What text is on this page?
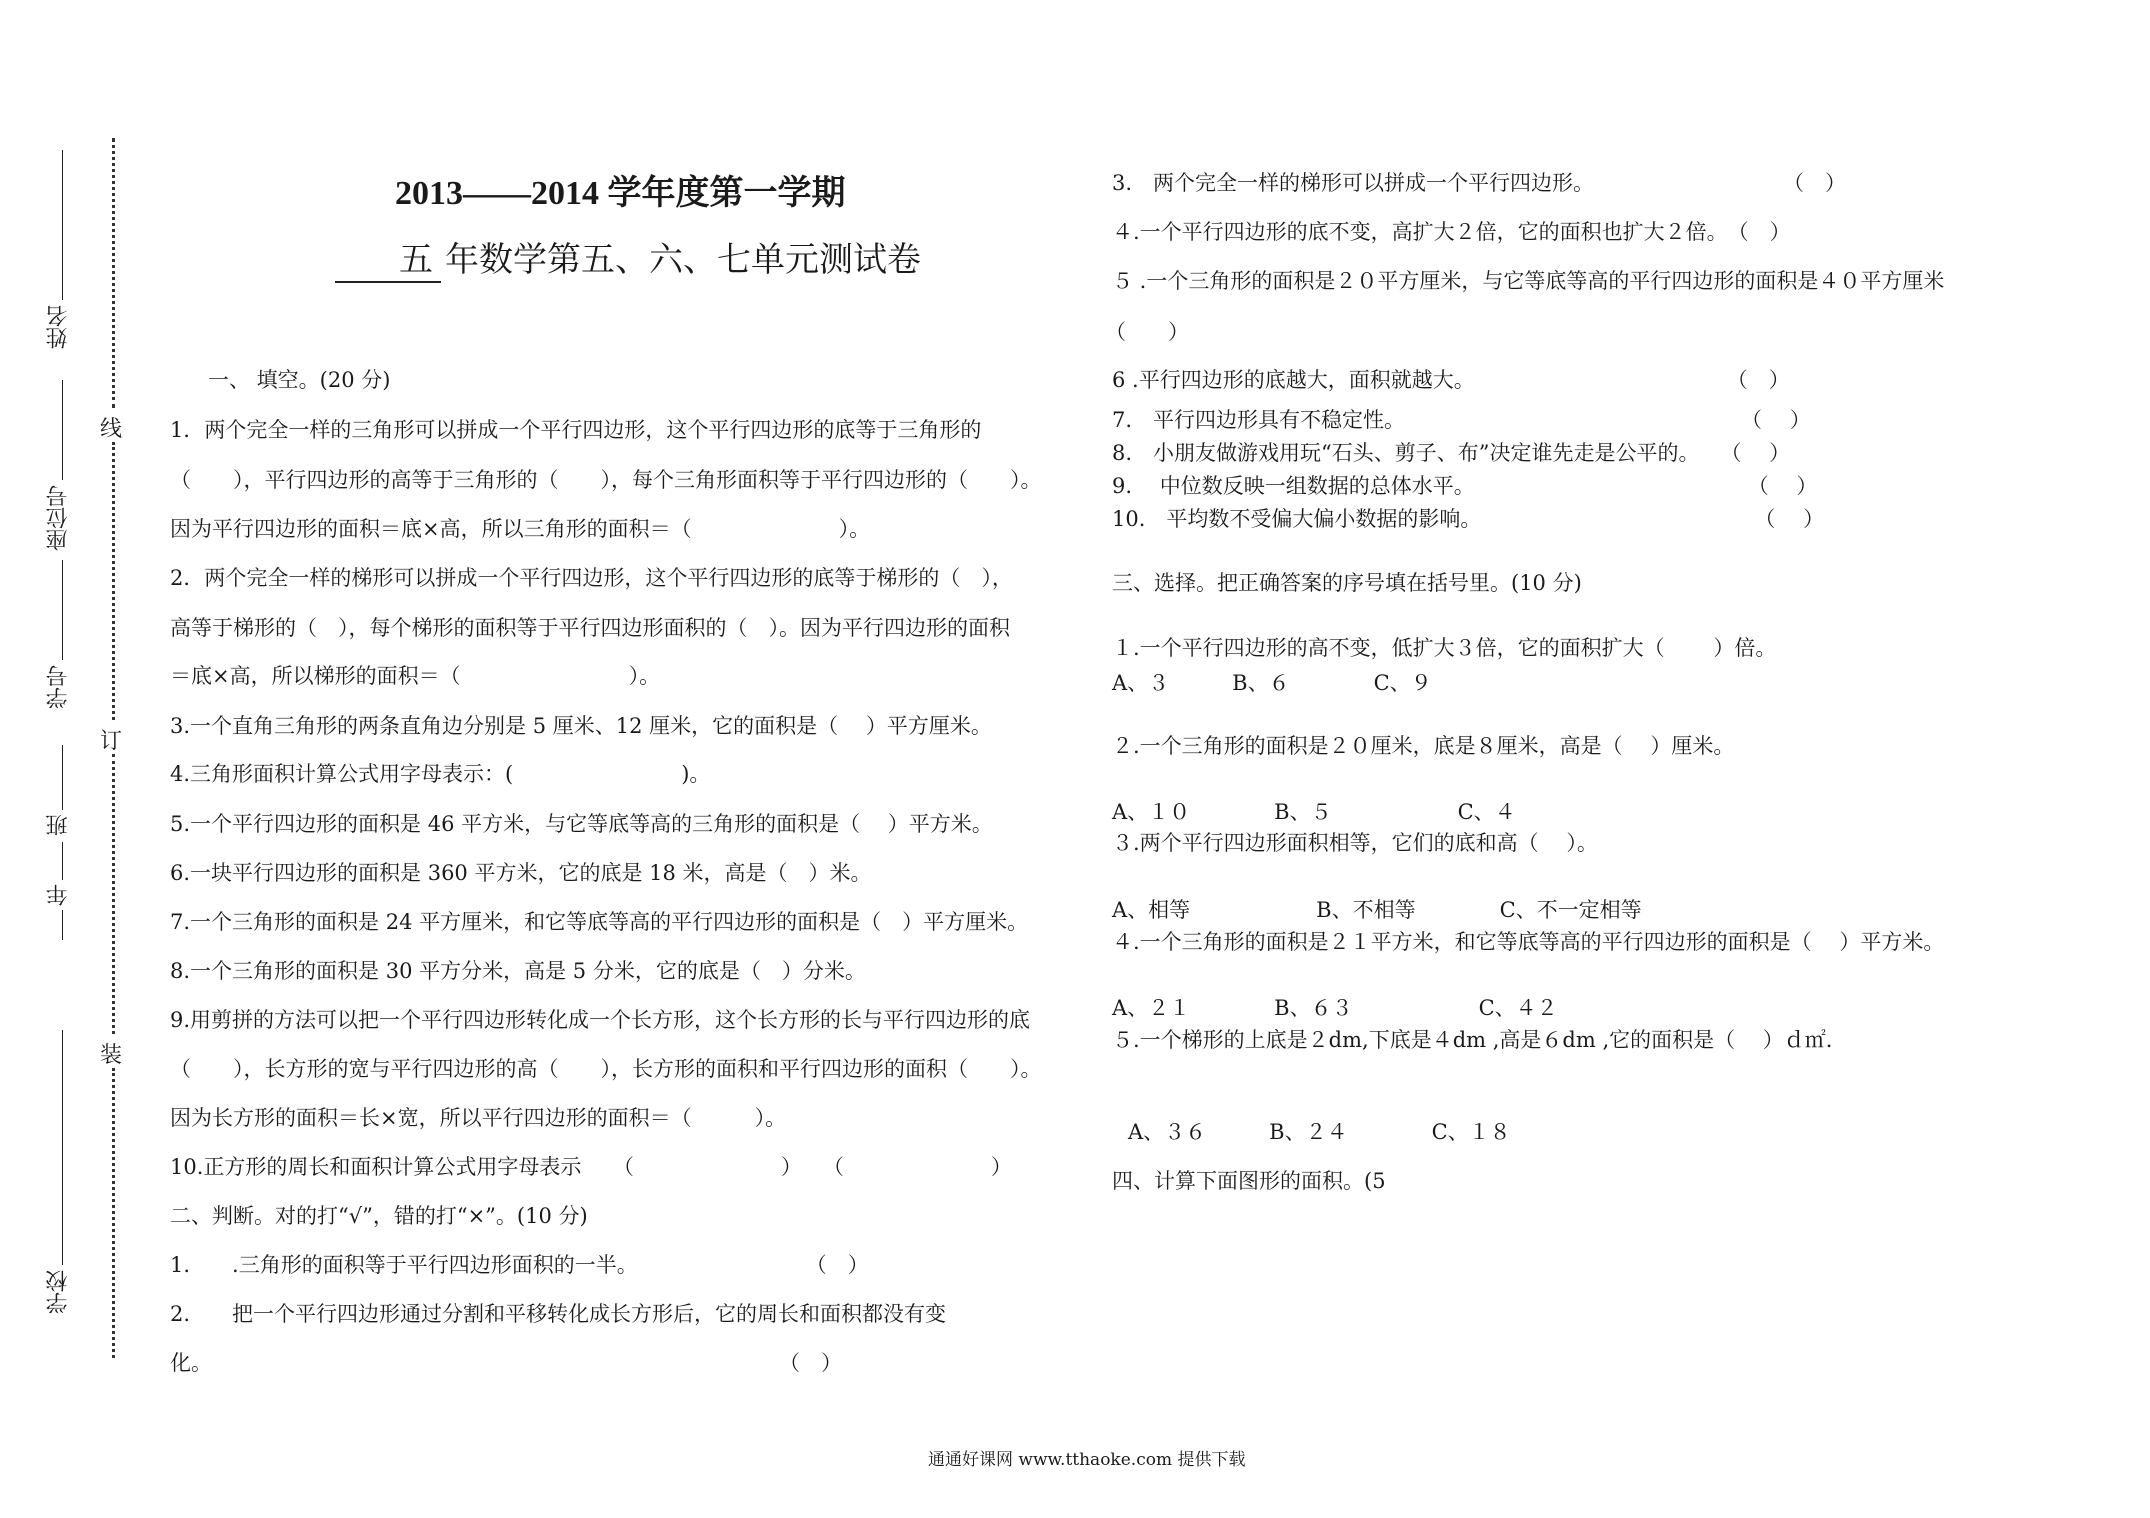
姓名
座位号
学号
班
年
学校
线
订
装
2013——2014 学年度第一学期
五 年数学第五、六、七单元测试卷
一、 填空。(20 分)
1．两个完全一样的三角形可以拼成一个平行四边形，这个平行四边形的底等于三角形的
（　　），平行四边形的高等于三角形的（　　），每个三角形面积等于平行四边形的（　　）。
因为平行四边形的面积＝底×高，所以三角形的面积＝（　　　　　　　）。
2．两个完全一样的梯形可以拼成一个平行四边形，这个平行四边形的底等于梯形的（　），
高等于梯形的（　），每个梯形的面积等于平行四边形面积的（　）。因为平行四边形的面积
＝底×高，所以梯形的面积＝（　　　　　　　　）。
3.一个直角三角形的两条直角边分别是 5 厘米、12 厘米，它的面积是（　 ）平方厘米。
4.三角形面积计算公式用字母表示：(　　　　　　　　)。
5.一个平行四边形的面积是 46 平方米，与它等底等高的三角形的面积是（　 ）平方米。
6.一块平行四边形的面积是 360 平方米，它的底是 18 米，高是（　）米。
7.一个三角形的面积是 24 平方厘米，和它等底等高的平行四边形的面积是（　）平方厘米。
8.一个三角形的面积是 30 平方分米，高是 5 分米，它的底是（　）分米。
9.用剪拼的方法可以把一个平行四边形转化成一个长方形，这个长方形的长与平行四边形的底
（　　），长方形的宽与平行四边形的高（　　），长方形的面积和平行四边形的面积（　　）。
因为长方形的面积＝长×宽，所以平行四边形的面积＝（　　　）。
10.正方形的周长和面积计算公式用字母表示　　（　　　　　　　）　　（　　　　　　　）
二、判断。对的打“√”，错的打“×”。(10 分)
1.　　.三角形的面积等于平行四边形面积的一半。　　　　　　　　　（　）
2.　　把一个平行四边形通过分割和平移转化成长方形后，它的周长和面积都没有变
化。　　　　　　　　　　　　　　　　　　　　　　　　　　　　（　）
3.　两个完全一样的梯形可以拼成一个平行四边形。　　　　　　　　　　（　）
４.一个平行四边形的底不变，高扩大２倍，它的面积也扩大２倍。　（　）
５ .一个三角形的面积是２０平方厘米，与它等底等高的平行四边形的面积是４０平方厘米
（　　）
6 .平行四边形的底越大，面积就越大。　　　　　　　　　　　　　（　）
7.　平行四边形具有不稳定性。　　　　　　　　　　　　　　　　　（　 ）
8.　小朋友做游戏用玩“石头、剪子、布”决定谁先走是公平的。　　（　 ）
9.　 中位数反映一组数据的总体水平。　　　　　　　　　　　　　　（　 ）
10.　平均数不受偏大偏小数据的影响。　　　　　　　　　　　　　　（　 ）
三、选择。把正确答案的序号填在括号里。(10 分)
１.一个平行四边形的高不变，低扩大３倍，它的面积扩大（　　 ）倍。
A、３　　　B、６　　　　C、９
２.一个三角形的面积是２０厘米，底是８厘米，高是（　 ）厘米。
A、１０　　　　B、５　　　　　　C、４
３.两个平行四边形面积相等，它们的底和高（　 ）。
A、相等　　　　　　B、不相等　　　　C、不一定相等
４.一个三角形的面积是２１平方米，和它等底等高的平行四边形的面积是（　 ）平方米。
A、２１　　　　B、６３　　　　　　C、４２
５.一个梯形的上底是２dm,下底是４dm ,高是６dm ,它的面积是（　 ）ｄ㎡.
A、３６　　　B、２４　　　　C、１８
四、计算下面图形的面积。(5
通通好课网 www.tthaoke.com 提供下载
